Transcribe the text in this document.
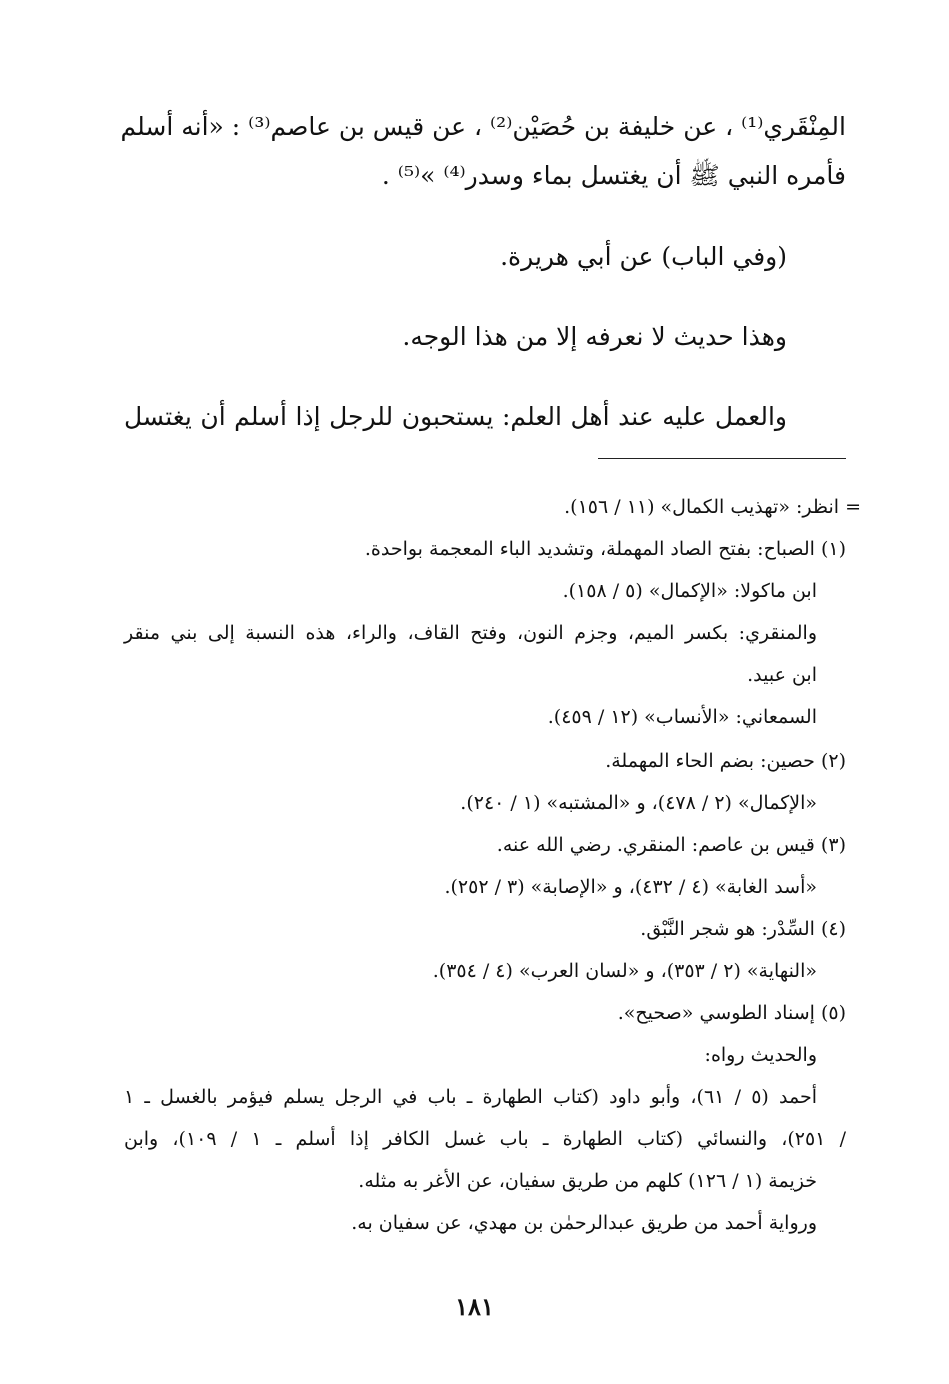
المِنْقَري⁽¹⁾ ، عن خليفة بن حُصَيْن⁽²⁾ ، عن قيس بن عاصم⁽³⁾ : «أنه أسلم
فأمره النبي ﷺ أن يغتسل بماء وسدر⁽⁴⁾ »⁽⁵⁾ .
(وفي الباب) عن أبي هريرة.
وهذا حديث لا نعرفه إلا من هذا الوجه.
والعمل عليه عند أهل العلم: يستحبون للرجل إذا أسلم أن يغتسل
= انظر: «تهذيب الكمال» (١١ / ١٥٦).
(١) الصباح: بفتح الصاد المهملة، وتشديد الباء المعجمة بواحدة.
ابن ماكولا: «الإكمال» (٥ / ١٥٨).
والمنقري: بكسر الميم، وجزم النون، وفتح القاف، والراء، هذه النسبة إلى بني منقر
ابن عبيد.
السمعاني: «الأنساب» (١٢ / ٤٥٩).
(٢) حصين: بضم الحاء المهملة.
«الإكمال» (٢ / ٤٧٨)، و «المشتبه» (١ / ٢٤٠).
(٣) قيس بن عاصم: المنقري. رضي الله عنه.
«أسد الغابة» (٤ / ٤٣٢)، و «الإصابة» (٣ / ٢٥٢).
(٤) السِّدْر: هو شجر النَّبْق.
«النهاية» (٢ / ٣٥٣)، و «لسان العرب» (٤ / ٣٥٤).
(٥) إسناد الطوسي «صحيح».
والحديث رواه:
أحمد (٥ / ٦١)، وأبو داود (كتاب الطهارة ـ باب في الرجل يسلم فيؤمر بالغسل ـ ١
/ ٢٥١)، والنسائي (كتاب الطهارة ـ باب غسل الكافر إذا أسلم ـ ١ / ١٠٩)، وابن
خزيمة (١ / ١٢٦) كلهم من طريق سفيان، عن الأغر به مثله.
ورواية أحمد من طريق عبدالرحمٰن بن مهدي، عن سفيان به.
١٨١
